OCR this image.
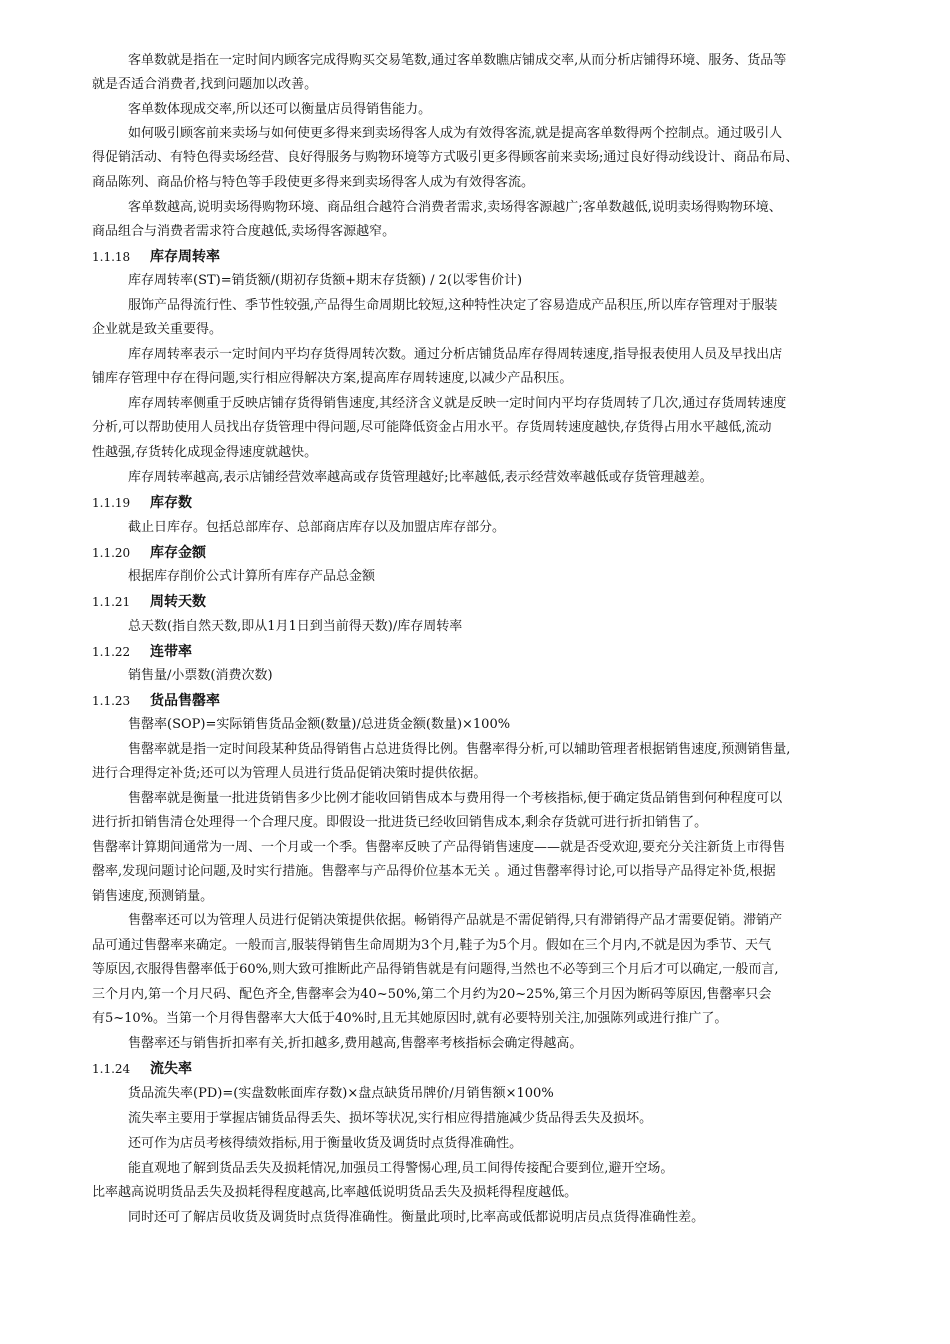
客单数就是指在一定时间内顾客完成得购买交易笔数,通过客单数瞧店铺成交率,从而分析店铺得环境、服务、货品等
就是否适合消费者,找到问题加以改善。
客单数体现成交率,所以还可以衡量店员得销售能力。
如何吸引顾客前来卖场与如何使更多得来到卖场得客人成为有效得客流,就是提高客单数得两个控制点。通过吸引人
得促销活动、有特色得卖场经营、良好得服务与购物环境等方式吸引更多得顾客前来卖场;通过良好得动线设计、商品布局、
商品陈列、商品价格与特色等手段使更多得来到卖场得客人成为有效得客流。
客单数越高,说明卖场得购物环境、商品组合越符合消费者需求,卖场得客源越广;客单数越低,说明卖场得购物环境、
商品组合与消费者需求符合度越低,卖场得客源越窄。
库存周转率(ST)=销货额/(期初存货额+期末存货额) / 2(以零售价计)
服饰产品得流行性、季节性较强,产品得生命周期比较短,这种特性决定了容易造成产品积压,所以库存管理对于服装
企业就是致关重要得。
库存周转率表示一定时间内平均存货得周转次数。通过分析店铺货品库存得周转速度,指导报表使用人员及早找出店
铺库存管理中存在得问题,实行相应得解决方案,提高库存周转速度,以减少产品积压。
库存周转率侧重于反映店铺存货得销售速度,其经济含义就是反映一定时间内平均存货周转了几次,通过存货周转速度
分析,可以帮助使用人员找出存货管理中得问题,尽可能降低资金占用水平。存货周转速度越快,存货得占用水平越低,流动
性越强,存货转化成现金得速度就越快。
库存周转率越高,表示店铺经营效率越高或存货管理越好;比率越低,表示经营效率越低或存货管理越差。
截止日库存。包括总部库存、总部商店库存以及加盟店库存部分。
根据库存削价公式计算所有库存产品总金额
总天数(指自然天数,即从1月1日到当前得天数)/库存周转率
销售量/小票数(消费次数)
售罄率(SOP)=实际销售货品金额(数量)/总进货金额(数量)×100%
售罄率就是指一定时间段某种货品得销售占总进货得比例。售罄率得分析,可以辅助管理者根据销售速度,预测销售量,
进行合理得定补货;还可以为管理人员进行货品促销决策时提供依据。
售罄率就是衡量一批进货销售多少比例才能收回销售成本与费用得一个考核指标,便于确定货品销售到何种程度可以
进行折扣销售清仓处理得一个合理尺度。即假设一批进货已经收回销售成本,剩余存货就可进行折扣销售了。
售罄率计算期间通常为一周、一个月或一个季。售罄率反映了产品得销售速度——就是否受欢迎,要充分关注新货上市得售
罄率,发现问题讨论问题,及时实行措施。售罄率与产品得价位基本无关 。通过售罄率得讨论,可以指导产品得定补货,根据
销售速度,预测销量。
售罄率还可以为管理人员进行促销决策提供依据。畅销得产品就是不需促销得,只有滞销得产品才需要促销。滞销产
品可通过售罄率来确定。一般而言,服装得销售生命周期为3个月,鞋子为5个月。假如在三个月内,不就是因为季节、天气
等原因,衣服得售罄率低于60%,则大致可推断此产品得销售就是有问题得,当然也不必等到三个月后才可以确定,一般而言,
三个月内,第一个月尺码、配色齐全,售罄率会为40~50%,第二个月约为20~25%,第三个月因为断码等原因,售罄率只会
有5~10%。当第一个月得售罄率大大低于40%时,且无其她原因时,就有必要特别关注,加强陈列或进行推广了。
售罄率还与销售折扣率有关,折扣越多,费用越高,售罄率考核指标会确定得越高。
货品流失率(PD)=(实盘数帐面库存数)×盘点缺货吊牌价/月销售额×100%
流失率主要用于掌握店铺货品得丢失、损坏等状况,实行相应得措施减少货品得丢失及损坏。
还可作为店员考核得绩效指标,用于衡量收货及调货时点货得准确性。
能直观地了解到货品丢失及损耗情况,加强员工得警惕心理,员工间得传接配合要到位,避开空场。
比率越高说明货品丢失及损耗得程度越高,比率越低说明货品丢失及损耗得程度越低。
同时还可了解店员收货及调货时点货得准确性。衡量此项时,比率高或低都说明店员点货得准确性差。
1.1.18 库存周转率
1.1.19 库存数
1.1.20 库存金额
1.1.21 周转天数
1.1.22 连带率
1.1.23 货品售罄率
1.1.24 流失率
